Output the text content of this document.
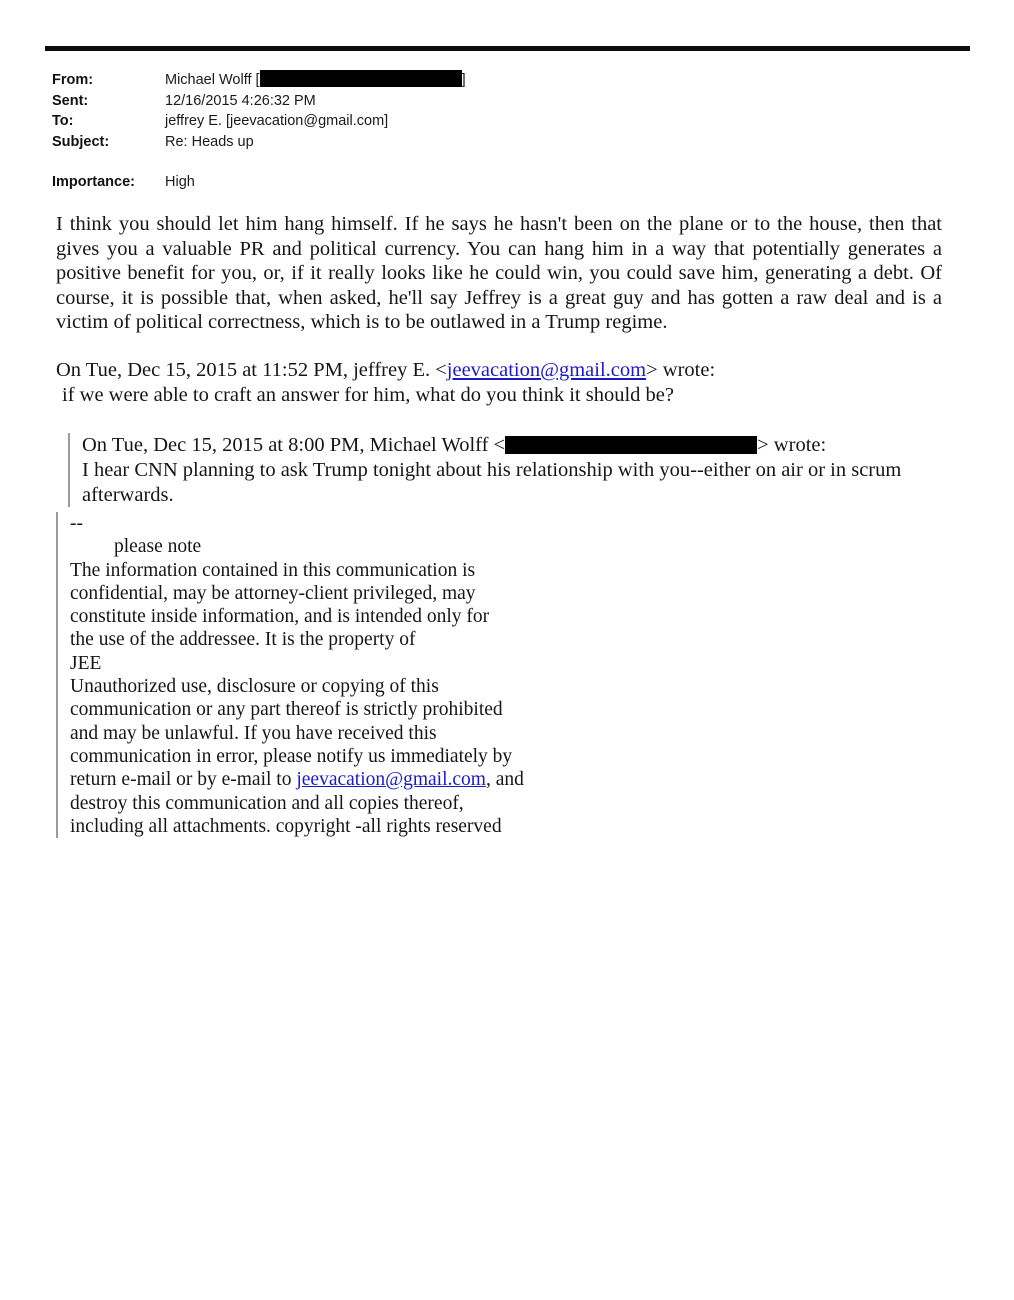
From:	Michael Wolff [	]
Sent:	12/16/2015 4:26:32 PM
To:	jeffrey E. [jeevacation@gmail.com]
Subject:	Re: Heads up
Importance:	High
I think you should let him hang himself. If he says he hasn't been on the plane or to the house, then that gives you a valuable PR and political currency. You can hang him in a way that potentially generates a positive benefit for you, or, if it really looks like he could win, you could save him, generating a debt. Of course, it is possible that, when asked, he'll say Jeffrey is a great guy and has gotten a raw deal and is a victim of political correctness, which is to be outlawed in a Trump regime.
On Tue, Dec 15, 2015 at 11:52 PM, jeffrey E. <jeevacation@gmail.com> wrote:
if we were able to craft an answer for him, what do you think it should be?
On Tue, Dec 15, 2015 at 8:00 PM, Michael Wolff <	> wrote:
I hear CNN planning to ask Trump tonight about his relationship with you--either on air or in scrum afterwards.

--

please note

The information contained in this communication is

confidential, may be attorney-client privileged, may

constitute inside information, and is intended only for

the use of the addressee. It is the property of

JEE

Unauthorized use, disclosure or copying of this

communication or any part thereof is strictly prohibited

and may be unlawful. If you have received this

communication in error, please notify us immediately by

return e-mail or by e-mail to jeevacation@gmail.com, and

destroy this communication and all copies thereof,

including all attachments. copyright -all rights reserved
